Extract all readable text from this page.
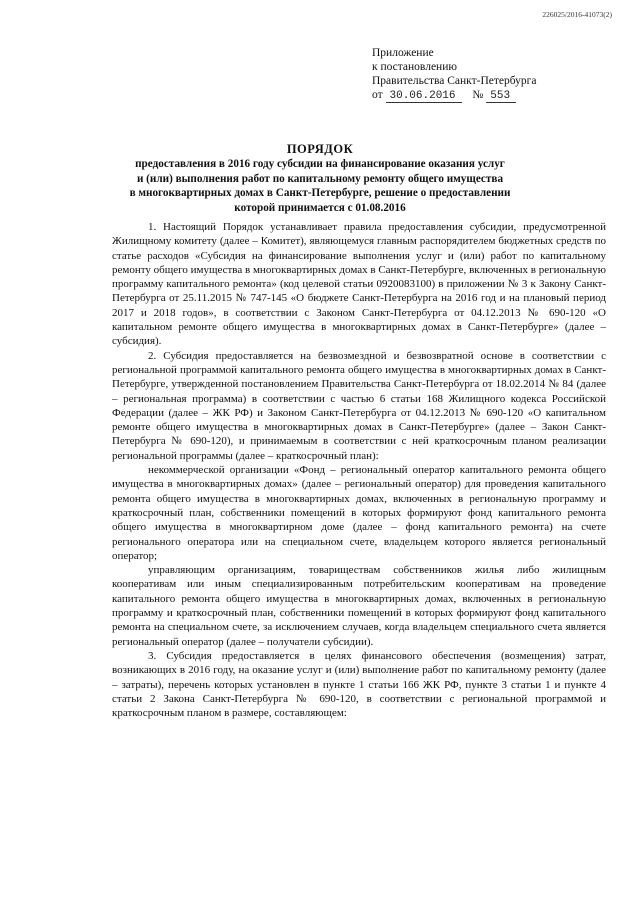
226025/2016-41073(2)
Приложение
к постановлению
Правительства Санкт-Петербурга
от 30.06.2016 № 553
ПОРЯДОК
предоставления в 2016 году субсидии на финансирование оказания услуг
и (или) выполнения работ по капитальному ремонту общего имущества
в многоквартирных домах в Санкт-Петербурге, решение о предоставлении
которой принимается с 01.08.2016

1. Настоящий Порядок устанавливает правила предоставления субсидии, предусмотренной Жилищному комитету (далее – Комитет), являющемуся главным распорядителем бюджетных средств по статье расходов «Субсидия на финансирование выполнения услуг и (или) работ по капитальному ремонту общего имущества в многоквартирных домах в Санкт-Петербурге, включенных в региональную программу капитального ремонта» (код целевой статьи 0920083100) в приложении № 3 к Закону Санкт-Петербурга от 25.11.2015 № 747-145 «О бюджете Санкт-Петербурга на 2016 год и на плановый период 2017 и 2018 годов», в соответствии с Законом Санкт-Петербурга от 04.12.2013 № 690-120 «О капитальном ремонте общего имущества в многоквартирных домах в Санкт-Петербурге» (далее – субсидия).

2. Субсидия предоставляется на безвозмездной и безвозвратной основе в соответствии с региональной программой капитального ремонта общего имущества в многоквартирных домах в Санкт-Петербурге, утвержденной постановлением Правительства Санкт-Петербурга от 18.02.2014 № 84 (далее – региональная программа) в соответствии с частью 6 статьи 168 Жилищного кодекса Российской Федерации (далее – ЖК РФ) и Законом Санкт-Петербурга от 04.12.2013 № 690-120 «О капитальном ремонте общего имущества в многоквартирных домах в Санкт-Петербурге» (далее – Закон Санкт-Петербурга № 690-120), и принимаемым в соответствии с ней краткосрочным планом реализации региональной программы (далее – краткосрочный план):

некоммерческой организации «Фонд – региональный оператор капитального ремонта общего имущества в многоквартирных домах» (далее – региональный оператор) для проведения капитального ремонта общего имущества в многоквартирных домах, включенных в региональную программу и краткосрочный план, собственники помещений в которых формируют фонд капитального ремонта общего имущества в многоквартирном доме (далее – фонд капитального ремонта) на счете регионального оператора или на специальном счете, владельцем которого является региональный оператор;

управляющим организациям, товариществам собственников жилья либо жилищным кооперативам или иным специализированным потребительским кооперативам на проведение капитального ремонта общего имущества в многоквартирных домах, включенных в региональную программу и краткосрочный план, собственники помещений в которых формируют фонд капитального ремонта на специальном счете, за исключением случаев, когда владельцем специального счета является региональный оператор (далее – получатели субсидии).

3. Субсидия предоставляется в целях финансового обеспечения (возмещения) затрат, возникающих в 2016 году, на оказание услуг и (или) выполнение работ по капитальному ремонту (далее – затраты), перечень которых установлен в пункте 1 статьи 166 ЖК РФ, пункте 3 статьи 1 и пункте 4 статьи 2 Закона Санкт-Петербурга № 690-120, в соответствии с региональной программой и краткосрочным планом в размере, составляющем:
